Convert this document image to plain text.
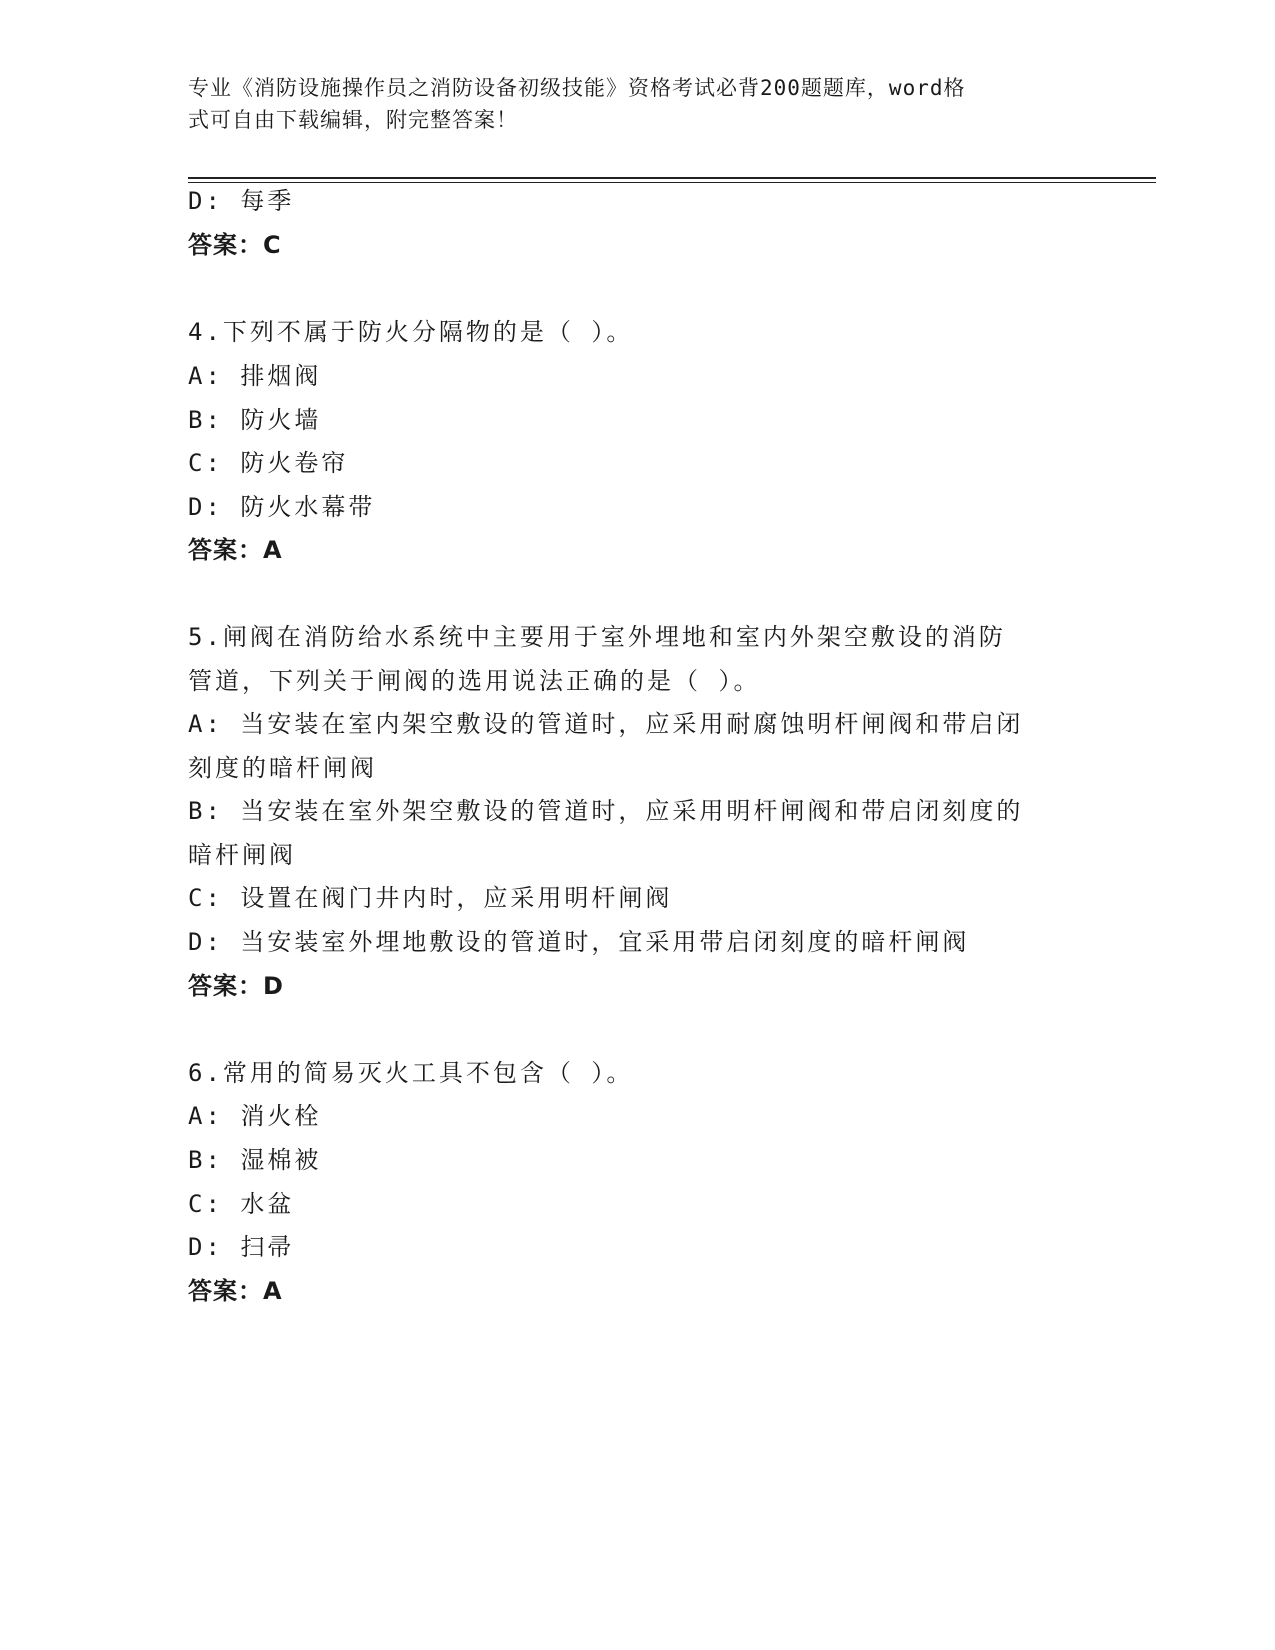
专业《消防设施操作员之消防设备初级技能》资格考试必背200题题库，word格
式可自由下载编辑，附完整答案！
D: 每季
答案：C
4.下列不属于防火分隔物的是（ ）。
A: 排烟阀
B: 防火墙
C: 防火卷帘
D: 防火水幕带
答案：A
5.闸阀在消防给水系统中主要用于室外埋地和室内外架空敷设的消防
管道，下列关于闸阀的选用说法正确的是（ ）。
A: 当安装在室内架空敷设的管道时，应采用耐腐蚀明杆闸阀和带启闭
刻度的暗杆闸阀
B: 当安装在室外架空敷设的管道时，应采用明杆闸阀和带启闭刻度的
暗杆闸阀
C: 设置在阀门井内时，应采用明杆闸阀
D: 当安装室外埋地敷设的管道时，宜采用带启闭刻度的暗杆闸阀
答案：D
6.常用的简易灭火工具不包含（ ）。
A: 消火栓
B: 湿棉被
C: 水盆
D: 扫帚
答案：A
